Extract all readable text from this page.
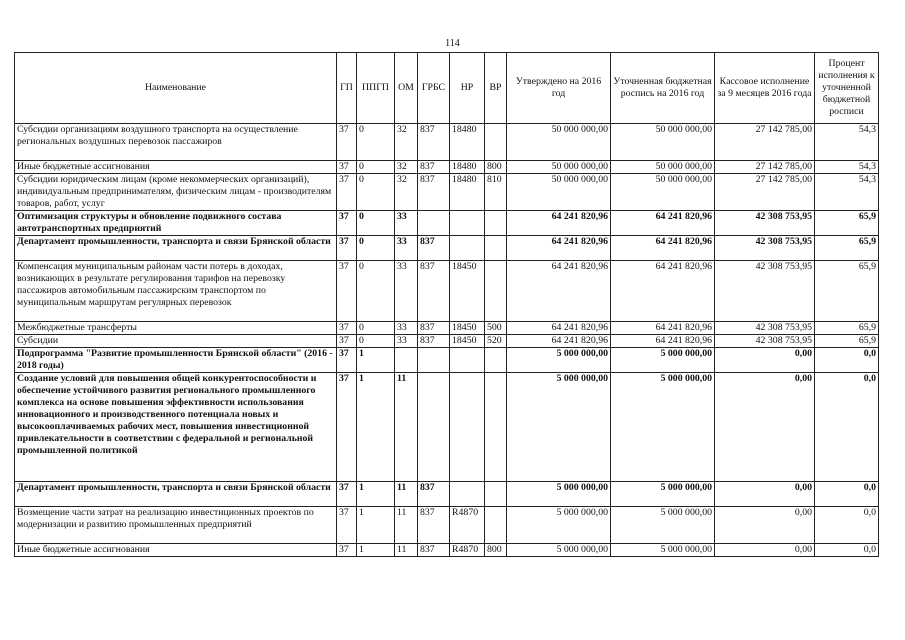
114
Наименование	ГП	ППГП	ОМ	ГРБС	НР	ВР	Утверждено на 2016 год	Уточненная бюджетная роспись на 2016 год	Кассовое исполнение за 9 месяцев 2016 года	Процент исполнения к уточненной бюджетной росписи
Субсидии организациям воздушного транспорта на осуществление региональных воздушных перевозок пассажиров	37	0	32	837	18480		50 000 000,00	50 000 000,00	27 142 785,00	54,3
Иные бюджетные ассигнования	37	0	32	837	18480	800	50 000 000,00	50 000 000,00	27 142 785,00	54,3
Субсидии юридическим лицам (кроме некоммерческих организаций), индивидуальным предпринимателям, физическим лицам - производителям товаров, работ, услуг	37	0	32	837	18480	810	50 000 000,00	50 000 000,00	27 142 785,00	54,3
Оптимизация структуры и обновление подвижного состава автотранспортных предприятий	37	0	33				64 241 820,96	64 241 820,96	42 308 753,95	65,9
Департамент промышленности, транспорта и связи Брянской области	37	0	33	837			64 241 820,96	64 241 820,96	42 308 753,95	65,9
Компенсация муниципальным районам части потерь в доходах, возникающих в результате регулирования тарифов на перевозку пассажиров автомобильным пассажирским транспортом по муниципальным маршрутам регулярных перевозок	37	0	33	837	18450		64 241 820,96	64 241 820,96	42 308 753,95	65,9
Межбюджетные трансферты	37	0	33	837	18450	500	64 241 820,96	64 241 820,96	42 308 753,95	65,9
Субсидии	37	0	33	837	18450	520	64 241 820,96	64 241 820,96	42 308 753,95	65,9
Подпрограмма "Развитие промышленности Брянской области" (2016 - 2018 годы)	37	1					5 000 000,00	5 000 000,00	0,00	0,0
Создание условий для повышения общей конкурентоспособности и обеспечение устойчивого развития регионального промышленного комплекса на основе повышения эффективности использования инновационного и производственного потенциала новых и высокооплачиваемых рабочих мест, повышения инвестиционной привлекательности в соответствии с федеральной и региональной промышленной политикой	37	1	11				5 000 000,00	5 000 000,00	0,00	0,0
Департамент промышленности, транспорта и связи Брянской области	37	1	11	837			5 000 000,00	5 000 000,00	0,00	0,0
Возмещение части затрат на реализацию инвестиционных проектов по модернизации и развитию промышленных предприятий	37	1	11	837	R4870		5 000 000,00	5 000 000,00	0,00	0,0
Иные бюджетные ассигнования	37	1	11	837	R4870	800	5 000 000,00	5 000 000,00	0,00	0,0
